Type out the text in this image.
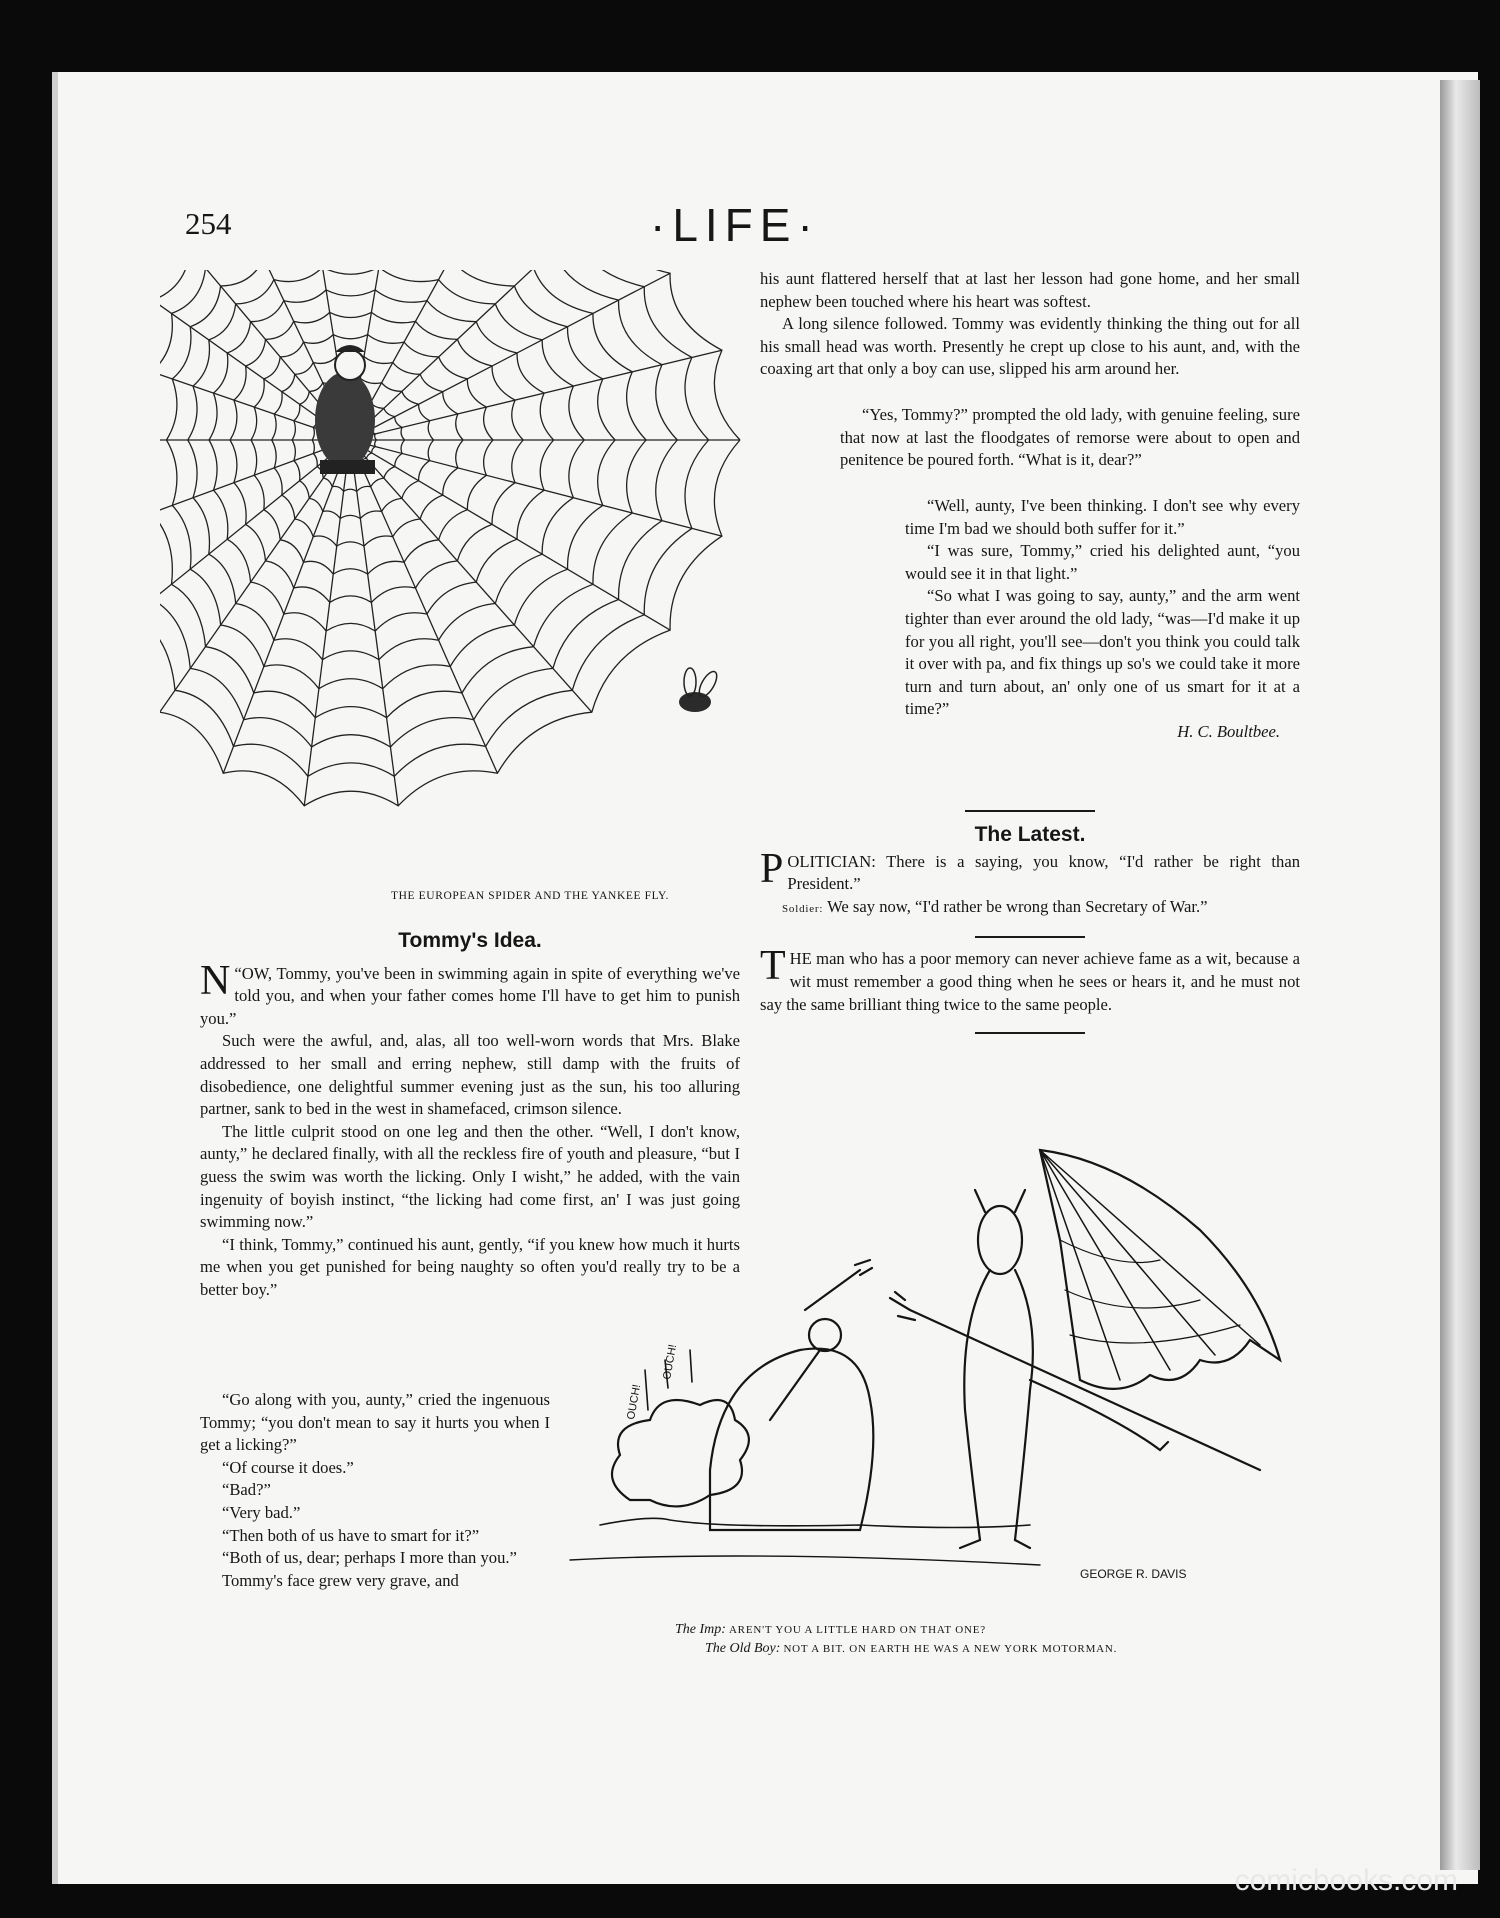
254	·LIFE·
THE EUROPEAN SPIDER AND THE YANKEE FLY.
Tommy's Idea.

“
N OW, Tommy, you've been in swimming again in spite of everything we've told you, and when your father comes home I'll have to get him to punish you.”

Such were the awful, and, alas, all too well-worn words that Mrs. Blake addressed to her small and erring nephew, still damp with the fruits of disobedience, one delightful summer evening just as the sun, his too alluring partner, sank to bed in the west in shamefaced, crimson silence.

The little culprit stood on one leg and then the other. “Well, I don't know, aunty,” he declared finally, with all the reckless fire of youth and pleasure, “but I guess the swim was worth the licking. Only I wisht,” he added, with the vain ingenuity of boyish instinct, “the licking had come first, an' I was just going swimming now.”

“I think, Tommy,” continued his aunt, gently, “if you knew how much it hurts me when you get punished for being naughty so often you'd really try to be a better boy.”

“Go along with you, aunty,” cried the ingenuous Tommy; “you don't mean to say it hurts you when I get a licking?”

“Of course it does.”

“Bad?”

“Very bad.”

“Then both of us have to smart for it?”

“Both of us, dear; perhaps I more than you.”

Tommy's face grew very grave, and

his aunt flattered herself that at last her lesson had gone home, and her small nephew been touched where his heart was softest.

A long silence followed. Tommy was evidently thinking the thing out for all his small head was worth. Presently he crept up close to his aunt, and, with the coaxing art that only a boy can use, slipped his arm around her.

“Yes, Tommy?” prompted the old lady, with genuine feeling, sure that now at last the floodgates of remorse were about to open and penitence be poured forth. “What is it, dear?”

“Well, aunty, I've been thinking. I don't see why every time I'm bad we should both suffer for it.”

“I was sure, Tommy,” cried his delighted aunt, “you would see it in that light.”

“So what I was going to say, aunty,” and the arm went tighter than ever around the old lady, “was—I'd make it up for you all right, you'll see—don't you think you could talk it over with pa, and fix things up so's we could take it more turn and turn about, an' only one of us smart for it at a time?”

H. C. Boultbee.

The Latest.

POLITICIAN: There is a saying, you know, “I'd rather be right than President.”

Soldier: We say now, “I'd rather be wrong than Secretary of War.”

THE man who has a poor memory can never achieve fame as a wit, because a wit must remember a good thing when he sees or hears it, and he must not say the same brilliant thing twice to the same people.

OUCH!
OUCH!
GEORGE R. DAVIS
The Imp: AREN'T YOU A LITTLE HARD ON THAT ONE?
The Old Boy: NOT A BIT. ON EARTH HE WAS A NEW YORK MOTORMAN.
comicbooks.com
